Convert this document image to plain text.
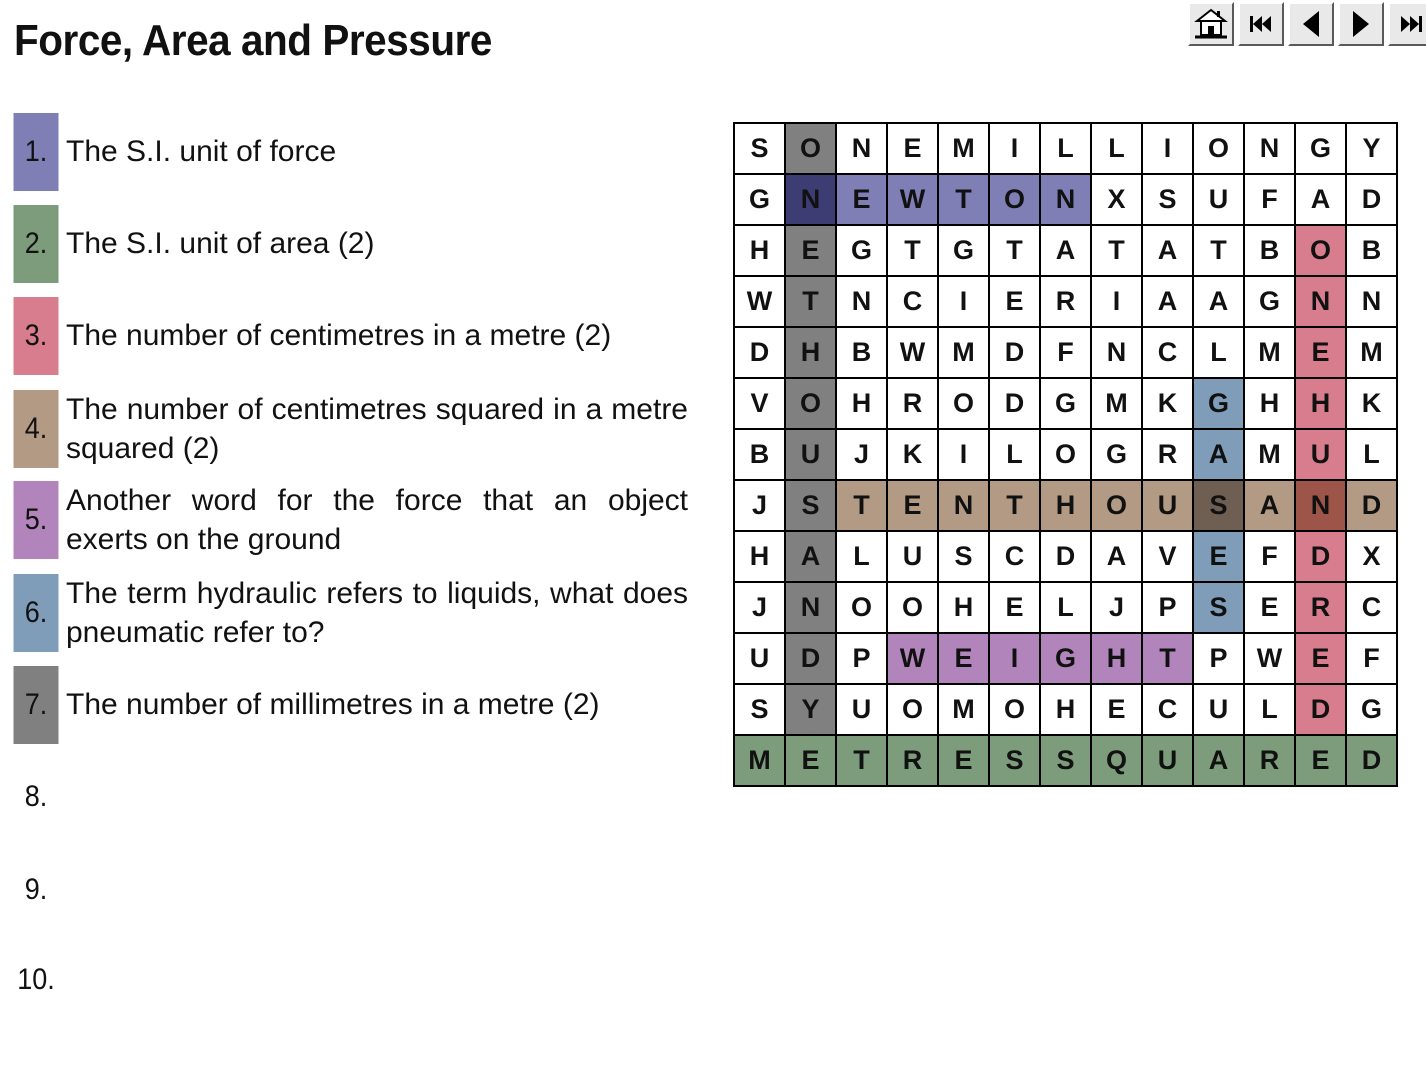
Force, Area and Pressure
1. The S.I. unit of force
2. The S.I. unit of area (2)
3. The number of centimetres in a metre (2)
4.
The number of centimetres squared in a metre squared (2)
5.
Another word for the force that an object exerts on the ground
6.
The term hydraulic refers to liquids, what does pneumatic refer to?
7. The number of millimetres in a metre (2)
8.
9.
10.
S	O	N	E	M	I	L	L	I	O	N	G	Y
G	N	E	W	T	O	N	X	S	U	F	A	D
H	E	G	T	G	T	A	T	A	T	B	O	B
W	T	N	C	I	E	R	I	A	A	G	N	N
D	H	B	W	M	D	F	N	C	L	M	E	M
V	O	H	R	O	D	G	M	K	G	H	H	K
B	U	J	K	I	L	O	G	R	A	M	U	L
J	S	T	E	N	T	H	O	U	S	A	N	D
H	A	L	U	S	C	D	A	V	E	F	D	X
J	N	O	O	H	E	L	J	P	S	E	R	C
U	D	P	W	E	I	G	H	T	P	W	E	F
S	Y	U	O	M	O	H	E	C	U	L	D	G
M	E	T	R	E	S	S	Q	U	A	R	E	D
